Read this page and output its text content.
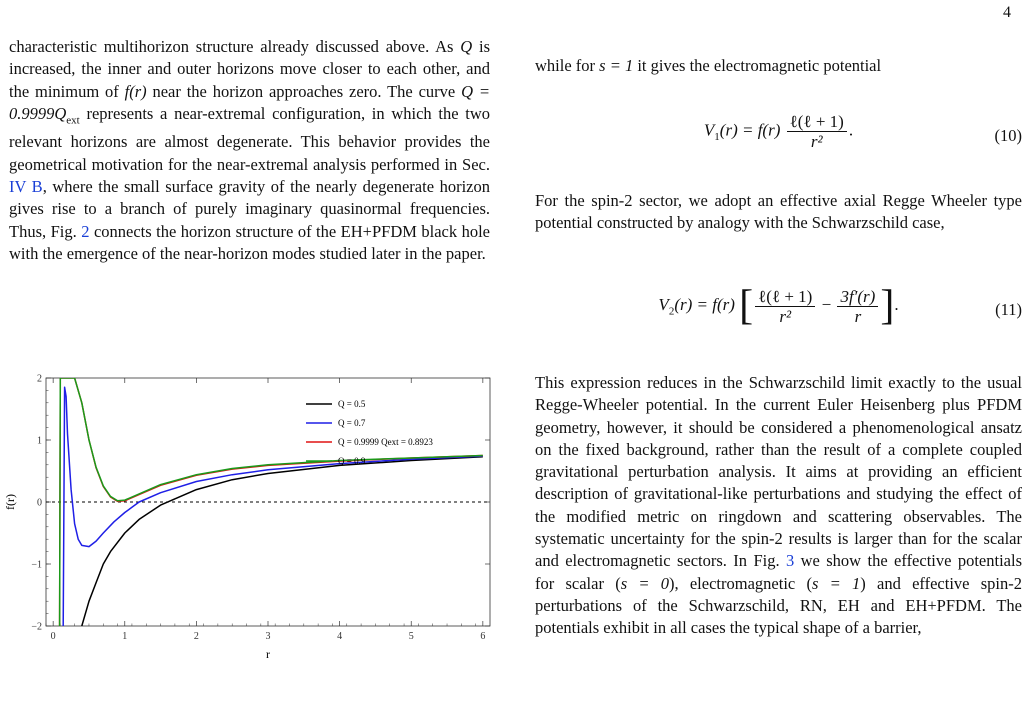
4

characteristic multihorizon structure already discussed above. As Q is increased, the inner and outer horizons move closer to each other, and the minimum of f(r) near the horizon approaches zero. The curve $Q = 0.9999Q_{ext}$ represents a near-extremal configuration, in which the two relevant horizons are almost degenerate. This behavior provides the geometrical motivation for the near-extremal analysis performed in Sec. IV B, where the small surface gravity of the nearly degenerate horizon gives rise to a branch of purely imaginary quasinormal frequencies. Thus, Fig. 2 connects the horizon structure of the EH+PFDM black hole with the emergence of the near-horizon modes studied later in the paper.

0	1	2	3	4	5	6
−2
−1
0
1
2
r
f(r)
Q = 0.5
Q = 0.7
Q = 0.9999 Qext = 0.8923
Q = 0.9

while for s = 1 it gives the electromagnetic potential

$V_1(r) = f(r) \frac{\text{ℓ(ℓ + 1)}}{\text{r²}}$ .	(10)

For the spin-2 sector, we adopt an effective axial Regge Wheeler type potential constructed by analogy with the Schwarzschild case,

$V_2(r) = f(r)$ [ $\frac{\text{ℓ(ℓ + 1)}}{\text{r²}} - \frac{3f'(r)}{r}$ ].	(11)

This expression reduces in the Schwarzschild limit exactly to the usual Regge-Wheeler potential. In the current Euler Heisenberg plus PFDM geometry, however, it should be considered a phenomenological ansatz on the fixed background, rather than the result of a complete coupled gravitational perturbation analysis. It aims at providing an efficient description of gravitational-like perturbations and studying the effect of the modified metric on ringdown and scattering observables. The systematic uncertainty for the spin-2 results is larger than for the scalar and electromagnetic sectors. In Fig. 3 we show the effective potentials for scalar (s = 0), electromagnetic (s = 1) and effective spin-2 perturbations of the Schwarzschild, RN, EH and EH+PFDM. The potentials exhibit in all cases the typical shape of a barrier,
